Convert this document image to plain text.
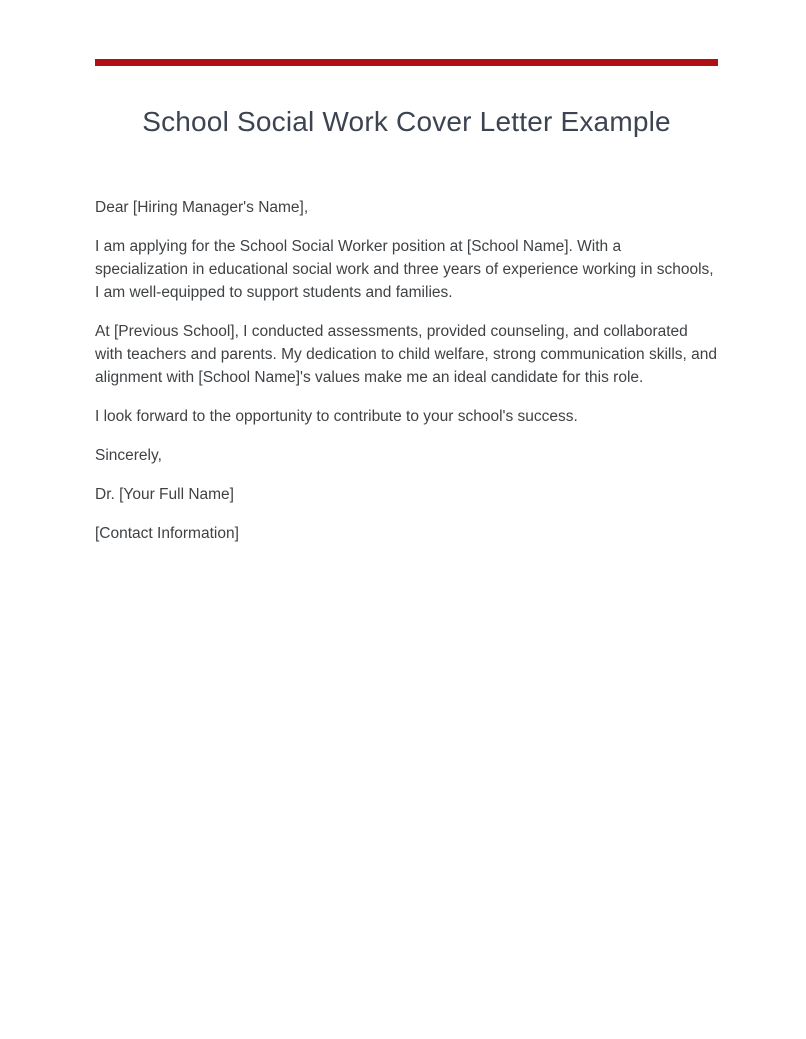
School Social Work Cover Letter Example

Dear [Hiring Manager's Name],

I am applying for the School Social Worker position at [School Name]. With a specialization in educational social work and three years of experience working in schools, I am well-equipped to support students and families.

At [Previous School], I conducted assessments, provided counseling, and collaborated with teachers and parents. My dedication to child welfare, strong communication skills, and alignment with [School Name]'s values make me an ideal candidate for this role.

I look forward to the opportunity to contribute to your school's success.

Sincerely,

Dr. [Your Full Name]

[Contact Information]
